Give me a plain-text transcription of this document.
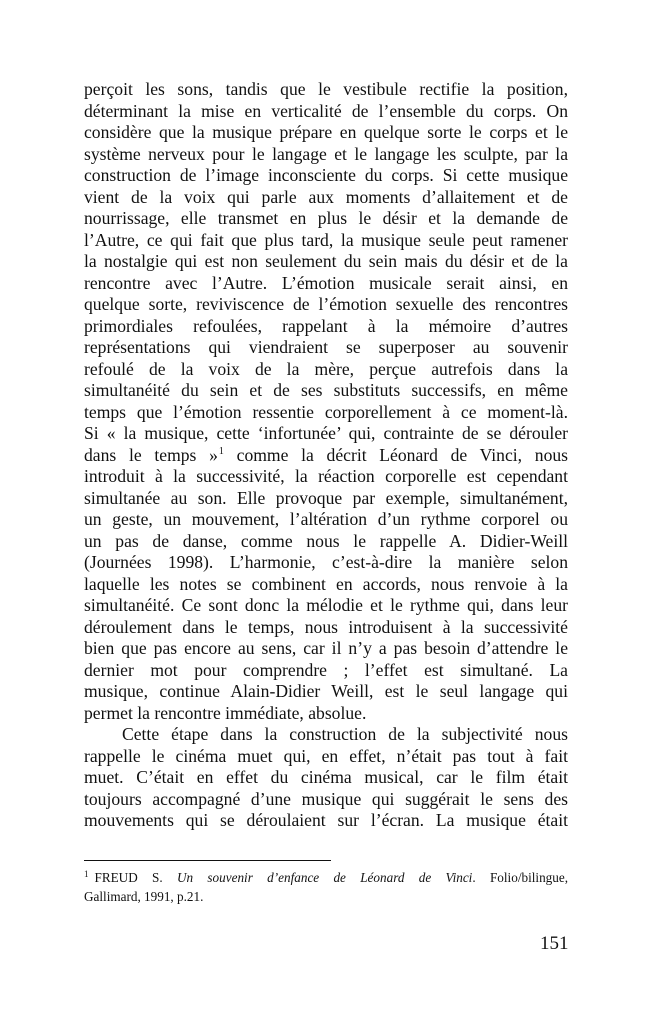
perçoit les sons, tandis que le vestibule rectifie la position,
déterminant la mise en verticalité de l’ensemble du corps. On
considère que la musique prépare en quelque sorte le corps et le
système nerveux pour le langage et le langage les sculpte, par la
construction de l’image inconsciente du corps. Si cette musique
vient de la voix qui parle aux moments d’allaitement et de
nourrissage, elle transmet en plus le désir et la demande de
l’Autre, ce qui fait que plus tard, la musique seule peut ramener
la nostalgie qui est non seulement du sein mais du désir et de la
rencontre avec l’Autre. L’émotion musicale serait ainsi, en
quelque sorte, reviviscence de l’émotion sexuelle des rencontres
primordiales refoulées, rappelant à la mémoire d’autres
représentations qui viendraient se superposer au souvenir
refoulé de la voix de la mère, perçue autrefois dans la
simultanéité du sein et de ses substituts successifs, en même
temps que l’émotion ressentie corporellement à ce moment-là.
Si « la musique, cette ‘infortunée’ qui, contrainte de se dérouler
dans le temps »$^1$ comme la décrit Léonard de Vinci, nous
introduit à la successivité, la réaction corporelle est cependant
simultanée au son. Elle provoque par exemple, simultanément,
un geste, un mouvement, l’altération d’un rythme corporel ou
un pas de danse, comme nous le rappelle A. Didier-Weill
(Journées 1998). L’harmonie, c’est-à-dire la manière selon
laquelle les notes se combinent en accords, nous renvoie à la
simultanéité. Ce sont donc la mélodie et le rythme qui, dans leur
déroulement dans le temps, nous introduisent à la successivité
bien que pas encore au sens, car il n’y a pas besoin d’attendre le
dernier mot pour comprendre ; l’effet est simultané. La
musique, continue Alain-Didier Weill, est le seul langage qui
permet la rencontre immédiate, absolue.
Cette étape dans la construction de la subjectivité nous
rappelle le cinéma muet qui, en effet, n’était pas tout à fait
muet. C’était en effet du cinéma musical, car le film était
toujours accompagné d’une musique qui suggérait le sens des
mouvements qui se déroulaient sur l’écran. La musique était
$^1$ FREUD S. Un souvenir d’enfance de Léonard de Vinci. Folio/bilingue,
Gallimard, 1991, p.21.
151
